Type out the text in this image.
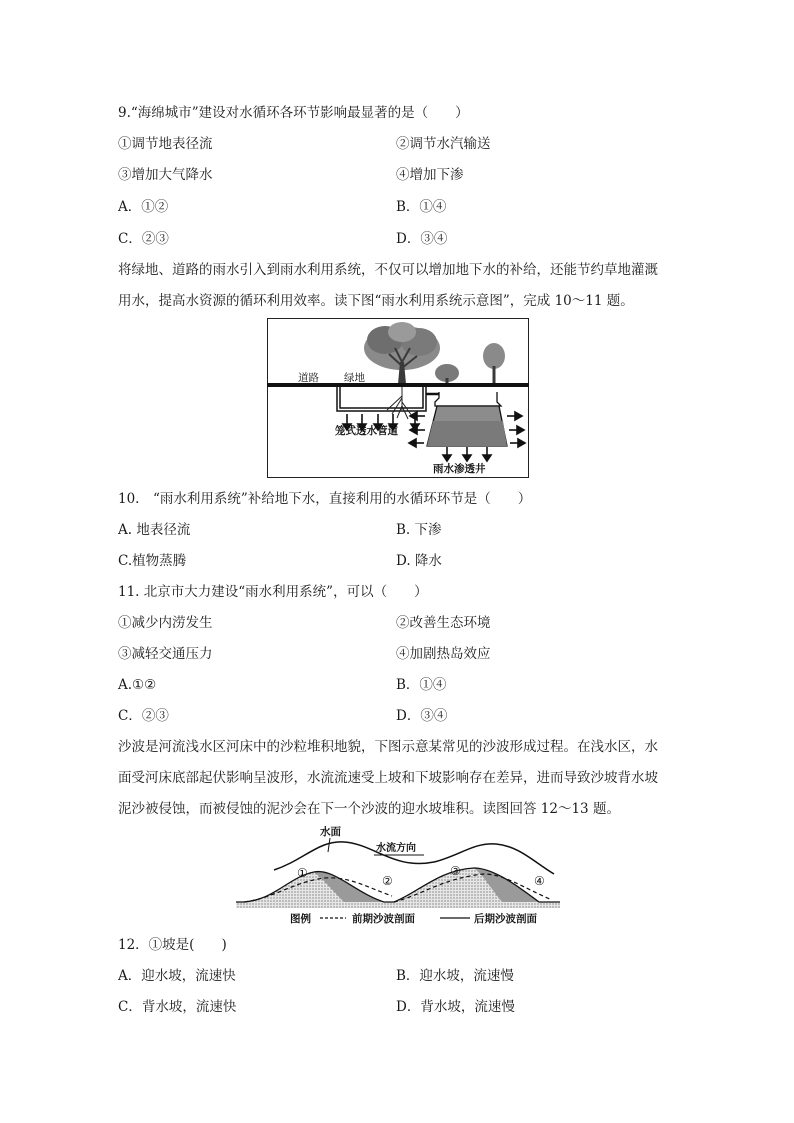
9.“海绵城市”建设对水循环各环节影响最显著的是（　　）
①调节地表径流	②调节水汽输送
③增加大气降水	④增加下渗
A．①②	B．①④
C．②③	D．③④
将绿地、道路的雨水引入到雨水利用系统，不仅可以增加地下水的补给，还能节约草地灌溉
用水，提高水资源的循环利用效率。读下图“雨水利用系统示意图”，完成 10～11 题。
道路 绿地
笼式透水管道
雨水渗透井
10.　“雨水利用系统”补给地下水，直接利用的水循环环节是（　　）
A. 地表径流	B. 下渗
C.植物蒸腾	D. 降水
11. 北京市大力建设“雨水利用系统”，可以（　　）
①减少内涝发生	②改善生态环境
③减轻交通压力	④加剧热岛效应
A.①②	B．①④
C．②③	D．③④
沙波是河流浅水区河床中的沙粒堆积地貌，下图示意某常见的沙波形成过程。在浅水区，水
面受河床底部起伏影响呈波形，水流流速受上坡和下坡影响存在差异，进而导致沙坡背水坡
泥沙被侵蚀，而被侵蚀的泥沙会在下一个沙波的迎水坡堆积。读图回答 12～13 题。
水面
水流方向
①
②
③
④
图例	前期沙波剖面	后期沙波剖面
12．①坡是(　　)
A．迎水坡，流速快	B．迎水坡，流速慢
C．背水坡，流速快	D．背水坡，流速慢
